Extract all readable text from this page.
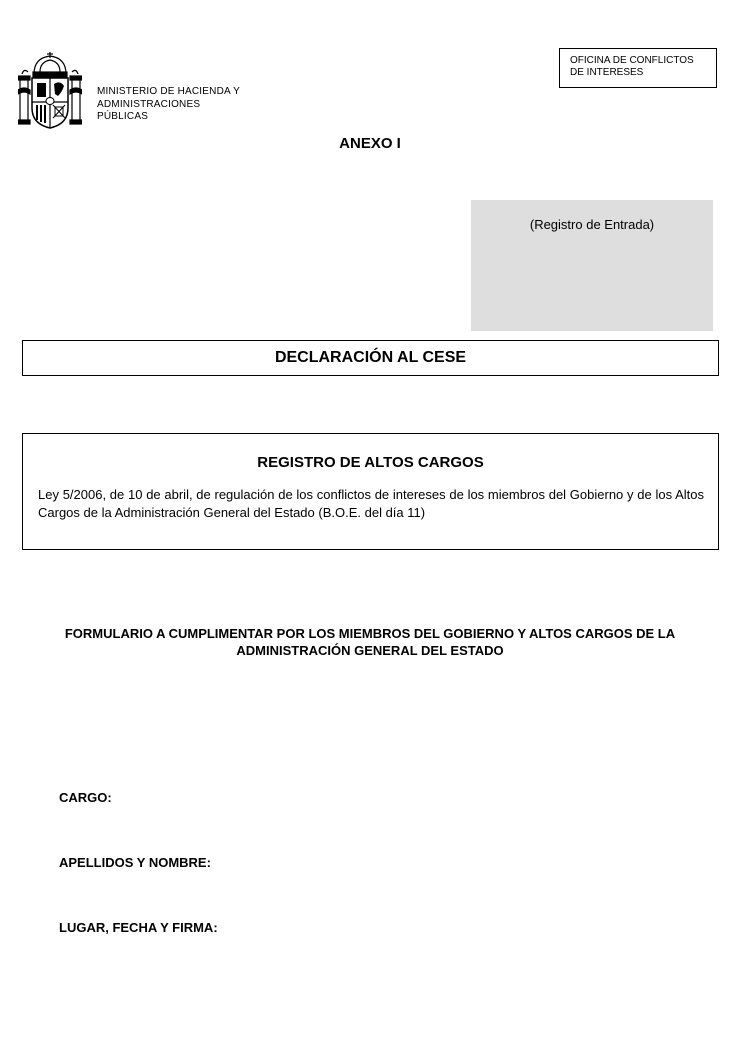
MINISTERIO DE HACIENDA Y
ADMINISTRACIONES
PÚBLICAS
OFICINA DE CONFLICTOS
DE INTERESES
ANEXO I
(Registro de Entrada)
DECLARACIÓN AL CESE
REGISTRO DE ALTOS CARGOS
Ley 5/2006, de 10 de abril, de regulación de los conflictos de intereses de los miembros del Gobierno y de los Altos Cargos de la Administración General del Estado (B.O.E. del día 11)
FORMULARIO A CUMPLIMENTAR POR LOS MIEMBROS DEL GOBIERNO Y ALTOS CARGOS DE LA
ADMINISTRACIÓN GENERAL DEL ESTADO
CARGO:
APELLIDOS Y NOMBRE:
LUGAR, FECHA Y FIRMA:
